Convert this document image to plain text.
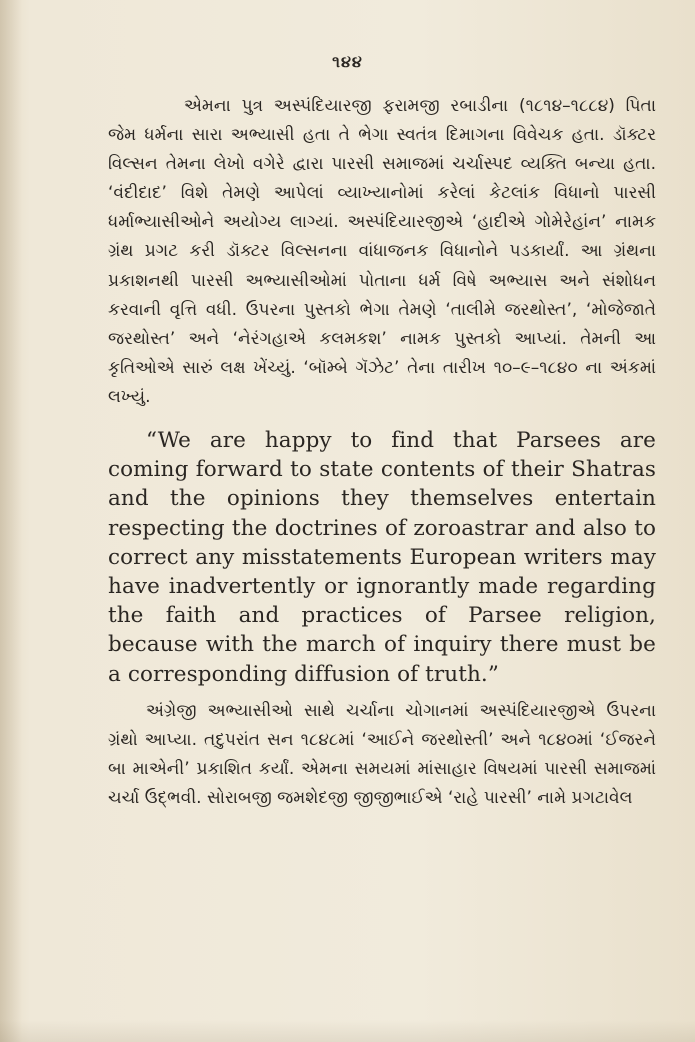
૧૪૪

એમના પુત્ર અસ્પંદિયારજી ફરામજી રબાડીના (૧૮૧૪–૧૮૮૪) પિતા જેમ ધર્મના સારા અભ્યાસી હતા તે ભેગા સ્વતંત્ર દિમાગના વિવેચક હતા. ડૉક્ટર વિલ્સન તેમના લેખો વગેરે દ્વારા પારસી સમાજમાં ચર્ચાસ્પદ વ્યક્તિ બન્યા હતા. ‘વંદીદાદ’ વિશે તેમણે આપેલાં વ્યાખ્યાનોમાં કરેલાં કેટલાંક વિધાનો પારસી ધર્માભ્યાસીઓને અયોગ્ય લાગ્યાં. અસ્પંદિયારજીએ ‘હાદીએ ગોમેરેહાંન’ નામક ગ્રંથ પ્રગટ કરી ડૉક્ટર વિલ્સનના વાંધાજનક વિધાનોને પડકાર્યાં. આ ગ્રંથના પ્રકાશનથી પારસી અભ્યાસીઓમાં પોતાના ધર્મ વિષે અભ્યાસ અને સંશોધન કરવાની વૃત્તિ વધી. ઉપરના પુસ્તકો ભેગા તેમણે ‘તાલીમે જરથોસ્ત’, ‘મોજેજાતે જરથોસ્ત’ અને ‘નેરંગહાએ કલમકશ’ નામક પુસ્તકો આપ્યાં. તેમની આ કૃતિઓએ સારું લક્ષ ખેંચ્યું. ‘બૉમ્બે ગૅઝેટ’ તેના તારીખ ૧૦–૯–૧૮૪૦ ના અંકમાં લખ્યું.

“We are happy to find that Parsees are coming forward to state contents of their Shatras and the opinions they themselves entertain respecting the doctrines of zoroastrar and also to correct any misstatements European writers may have inadvertently or ignorantly made regarding the faith and practices of Parsee religion, because with the march of inquiry there must be a corresponding diffusion of truth.”

અંગ્રેજી અભ્યાસીઓ સાથે ચર્ચાના ચોગાનમાં અસ્પંદિયારજીએ ઉપરના ગ્રંથો આપ્યા. તદુપરાંત સન ૧૮૪૮માં ‘આઈને જરથોસ્તી’ અને ૧૮૪૦માં ‘ઈજરને બા માએની’ પ્રકાશિત કર્યાં. એમના સમયમાં માંસાહાર વિષયમાં પારસી સમાજમાં ચર્ચા ઉદ્ભવી. સોરાબજી જમશેદજી જીજીભાઈએ ‘રાહે પારસી’ નામે પ્રગટાવેલ
